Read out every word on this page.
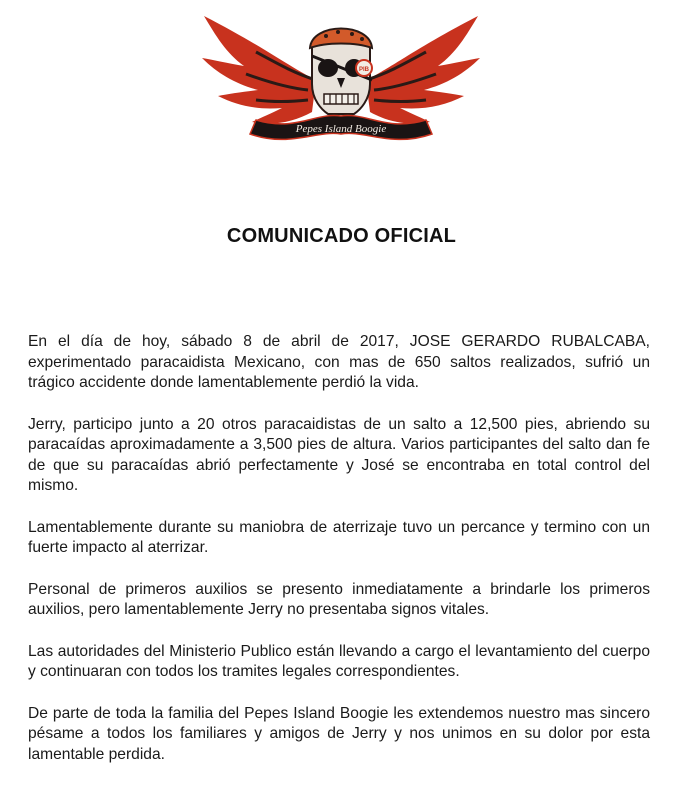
PIB
Pepes Island Boogie
COMUNICADO OFICIAL

En el día de hoy, sábado 8 de abril de 2017, JOSE GERARDO RUBALCABA, experimentado paracaidista Mexicano, con mas de 650 saltos realizados, sufrió un trágico accidente donde lamentablemente perdió la vida.

Jerry, participo junto a 20 otros paracaidistas de un salto a 12,500 pies, abriendo su paracaídas aproximadamente a 3,500 pies de altura. Varios participantes del salto dan fe de que su paracaídas abrió perfectamente y José se encontraba en total control del mismo.

Lamentablemente durante su maniobra de aterrizaje tuvo un percance y termino con un fuerte impacto al aterrizar.

Personal de primeros auxilios se presento inmediatamente a brindarle los primeros auxilios, pero lamentablemente Jerry no presentaba signos vitales.

Las autoridades del Ministerio Publico están llevando a cargo el levantamiento del cuerpo y continuaran con todos los tramites legales correspondientes.

De parte de toda la familia del Pepes Island Boogie les extendemos nuestro mas sincero pésame a todos los familiares y amigos de Jerry y nos unimos en su dolor por esta lamentable perdida.
